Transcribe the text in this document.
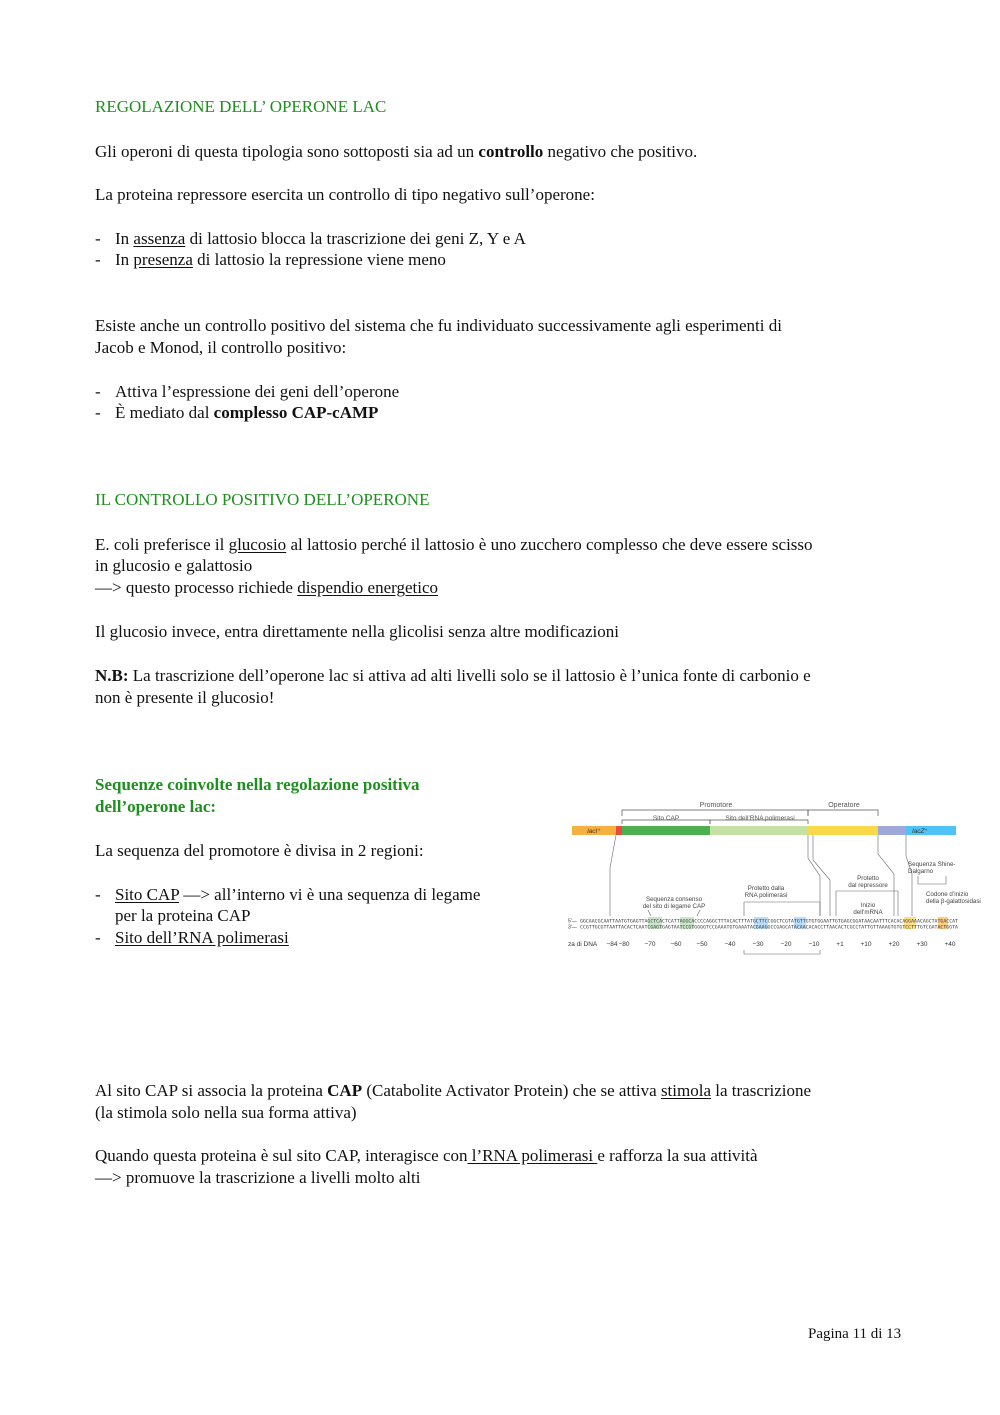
REGOLAZIONE DELL’ OPERONE LAC
Gli operoni di questa tipologia sono sottoposti sia ad un controllo negativo che positivo.
La proteina repressore esercita un controllo di tipo negativo sull’operone:
- In assenza di lattosio blocca la trascrizione dei geni Z, Y e A
- In presenza di lattosio la repressione viene meno
Esiste anche un controllo positivo del sistema che fu individuato successivamente agli esperimenti di
Jacob e Monod, il controllo positivo:
- Attiva l’espressione dei geni dell’operone
- È mediato dal complesso CAP-cAMP
IL CONTROLLO POSITIVO DELL’OPERONE
E. coli preferisce il glucosio al lattosio perché il lattosio è uno zucchero complesso che deve essere scisso
in glucosio e galattosio
—> questo processo richiede dispendio energetico
Il glucosio invece, entra direttamente nella glicolisi senza altre modificazioni
N.B: La trascrizione dell’operone lac si attiva ad alti livelli solo se il lattosio è l’unica fonte di carbonio e
non è presente il glucosio!
Sequenze coinvolte nella regolazione positiva
dell’operone lac:
La sequenza del promotore è divisa in 2 regioni:
- Sito CAP —> all’interno vi è una sequenza di legame
per la proteina CAP
- Sito dell’RNA polimerasi
Promotore	Operatore
Sito CAP	Sito dell’RNA polimerasi
lacI⁺	lacZ⁺
Sequenza consenso
del sito di legame CAP
Protetto dalla
RNA polimerasi
Protetto
dal repressore
Inizio
dell’mRNA
Sequenza Shine-
Dalgarno
Codone d’inizio
della β-galattosidasi
5'—
3'—
GGCAACGCAATTAATGTGAGTTAGCTCACTCATTAGGCACCCCAGGCTTTACACTTTATGCTTCCGGCTCGTATGTTGTGTGGAATTGTGAGCGGATAACAATTTCACACAGGAAACAGCTATGACCAT
CCGTTGCGTTAATTACACTCAATCGAGTGAGTAATCCGTGGGGTCCGAAATGTGAAATACGAAGGCCGAGCATACAACACACCTTAACACTCGCCTATTGTTAAAGTGTGTCCTTTGTCGATACTGGTA
za di DNA −84 −80 −70 −60 −50	−40	−30	−20	−10	+1	+10	+20	+30	+40
Al sito CAP si associa la proteina CAP (Catabolite Activator Protein) che se attiva stimola la trascrizione
(la stimola solo nella sua forma attiva)
Quando questa proteina è sul sito CAP, interagisce con l’RNA polimerasi e rafforza la sua attività
—> promuove la trascrizione a livelli molto alti
Pagina 11 di 13
